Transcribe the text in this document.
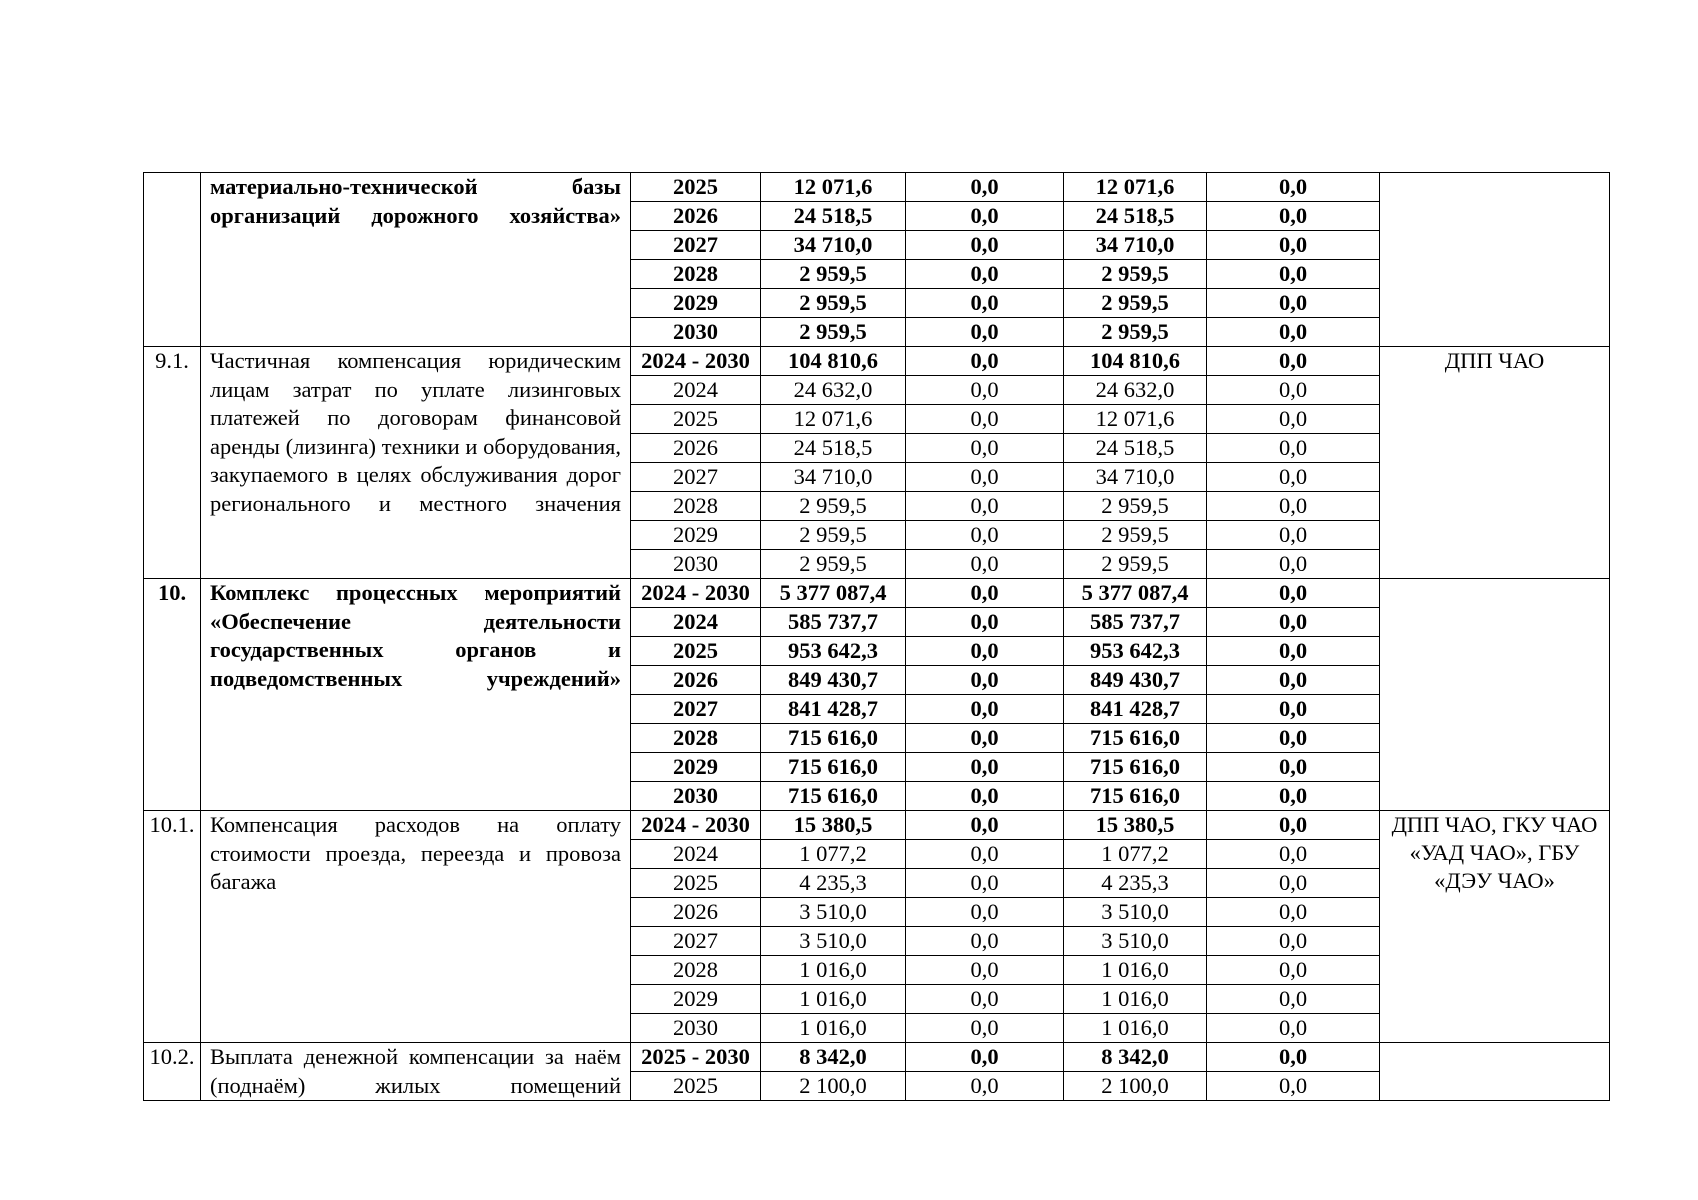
	материально-технической базы организаций дорожного хозяйства»	2025	12 071,6	0,0	12 071,6	0,0	
		2026	24 518,5	0,0	24 518,5	0,0	
		2027	34 710,0	0,0	34 710,0	0,0	
		2028	2 959,5	0,0	2 959,5	0,0	
		2029	2 959,5	0,0	2 959,5	0,0	
		2030	2 959,5	0,0	2 959,5	0,0	
9.1.	Частичная компенсация юридическим лицам затрат по уплате лизинговых платежей по договорам финансовой аренды (лизинга) техники и оборудования, закупаемого в целях обслуживания дорог регионального и местного значения	2024 - 2030	104 810,6	0,0	104 810,6	0,0	ДПП ЧАО
		2024	24 632,0	0,0	24 632,0	0,0	
		2025	12 071,6	0,0	12 071,6	0,0	
		2026	24 518,5	0,0	24 518,5	0,0	
		2027	34 710,0	0,0	34 710,0	0,0	
		2028	2 959,5	0,0	2 959,5	0,0	
		2029	2 959,5	0,0	2 959,5	0,0	
		2030	2 959,5	0,0	2 959,5	0,0	
10.	Комплекс процессных мероприятий «Обеспечение деятельности государственных органов и подведомственных учреждений»	2024 - 2030	5 377 087,4	0,0	5 377 087,4	0,0	
		2024	585 737,7	0,0	585 737,7	0,0	
		2025	953 642,3	0,0	953 642,3	0,0	
		2026	849 430,7	0,0	849 430,7	0,0	
		2027	841 428,7	0,0	841 428,7	0,0	
		2028	715 616,0	0,0	715 616,0	0,0	
		2029	715 616,0	0,0	715 616,0	0,0	
		2030	715 616,0	0,0	715 616,0	0,0	
10.1.	Компенсация расходов на оплату стоимости проезда, переезда и провоза багажа	2024 - 2030	15 380,5	0,0	15 380,5	0,0	ДПП ЧАО, ГКУ ЧАО «УАД ЧАО», ГБУ «ДЭУ ЧАО»
		2024	1 077,2	0,0	1 077,2	0,0	
		2025	4 235,3	0,0	4 235,3	0,0	
		2026	3 510,0	0,0	3 510,0	0,0	
		2027	3 510,0	0,0	3 510,0	0,0	
		2028	1 016,0	0,0	1 016,0	0,0	
		2029	1 016,0	0,0	1 016,0	0,0	
		2030	1 016,0	0,0	1 016,0	0,0	
10.2.	Выплата денежной компенсации за наём (поднаём) жилых помещений	2025 - 2030	8 342,0	0,0	8 342,0	0,0	
		2025	2 100,0	0,0	2 100,0	0,0	
